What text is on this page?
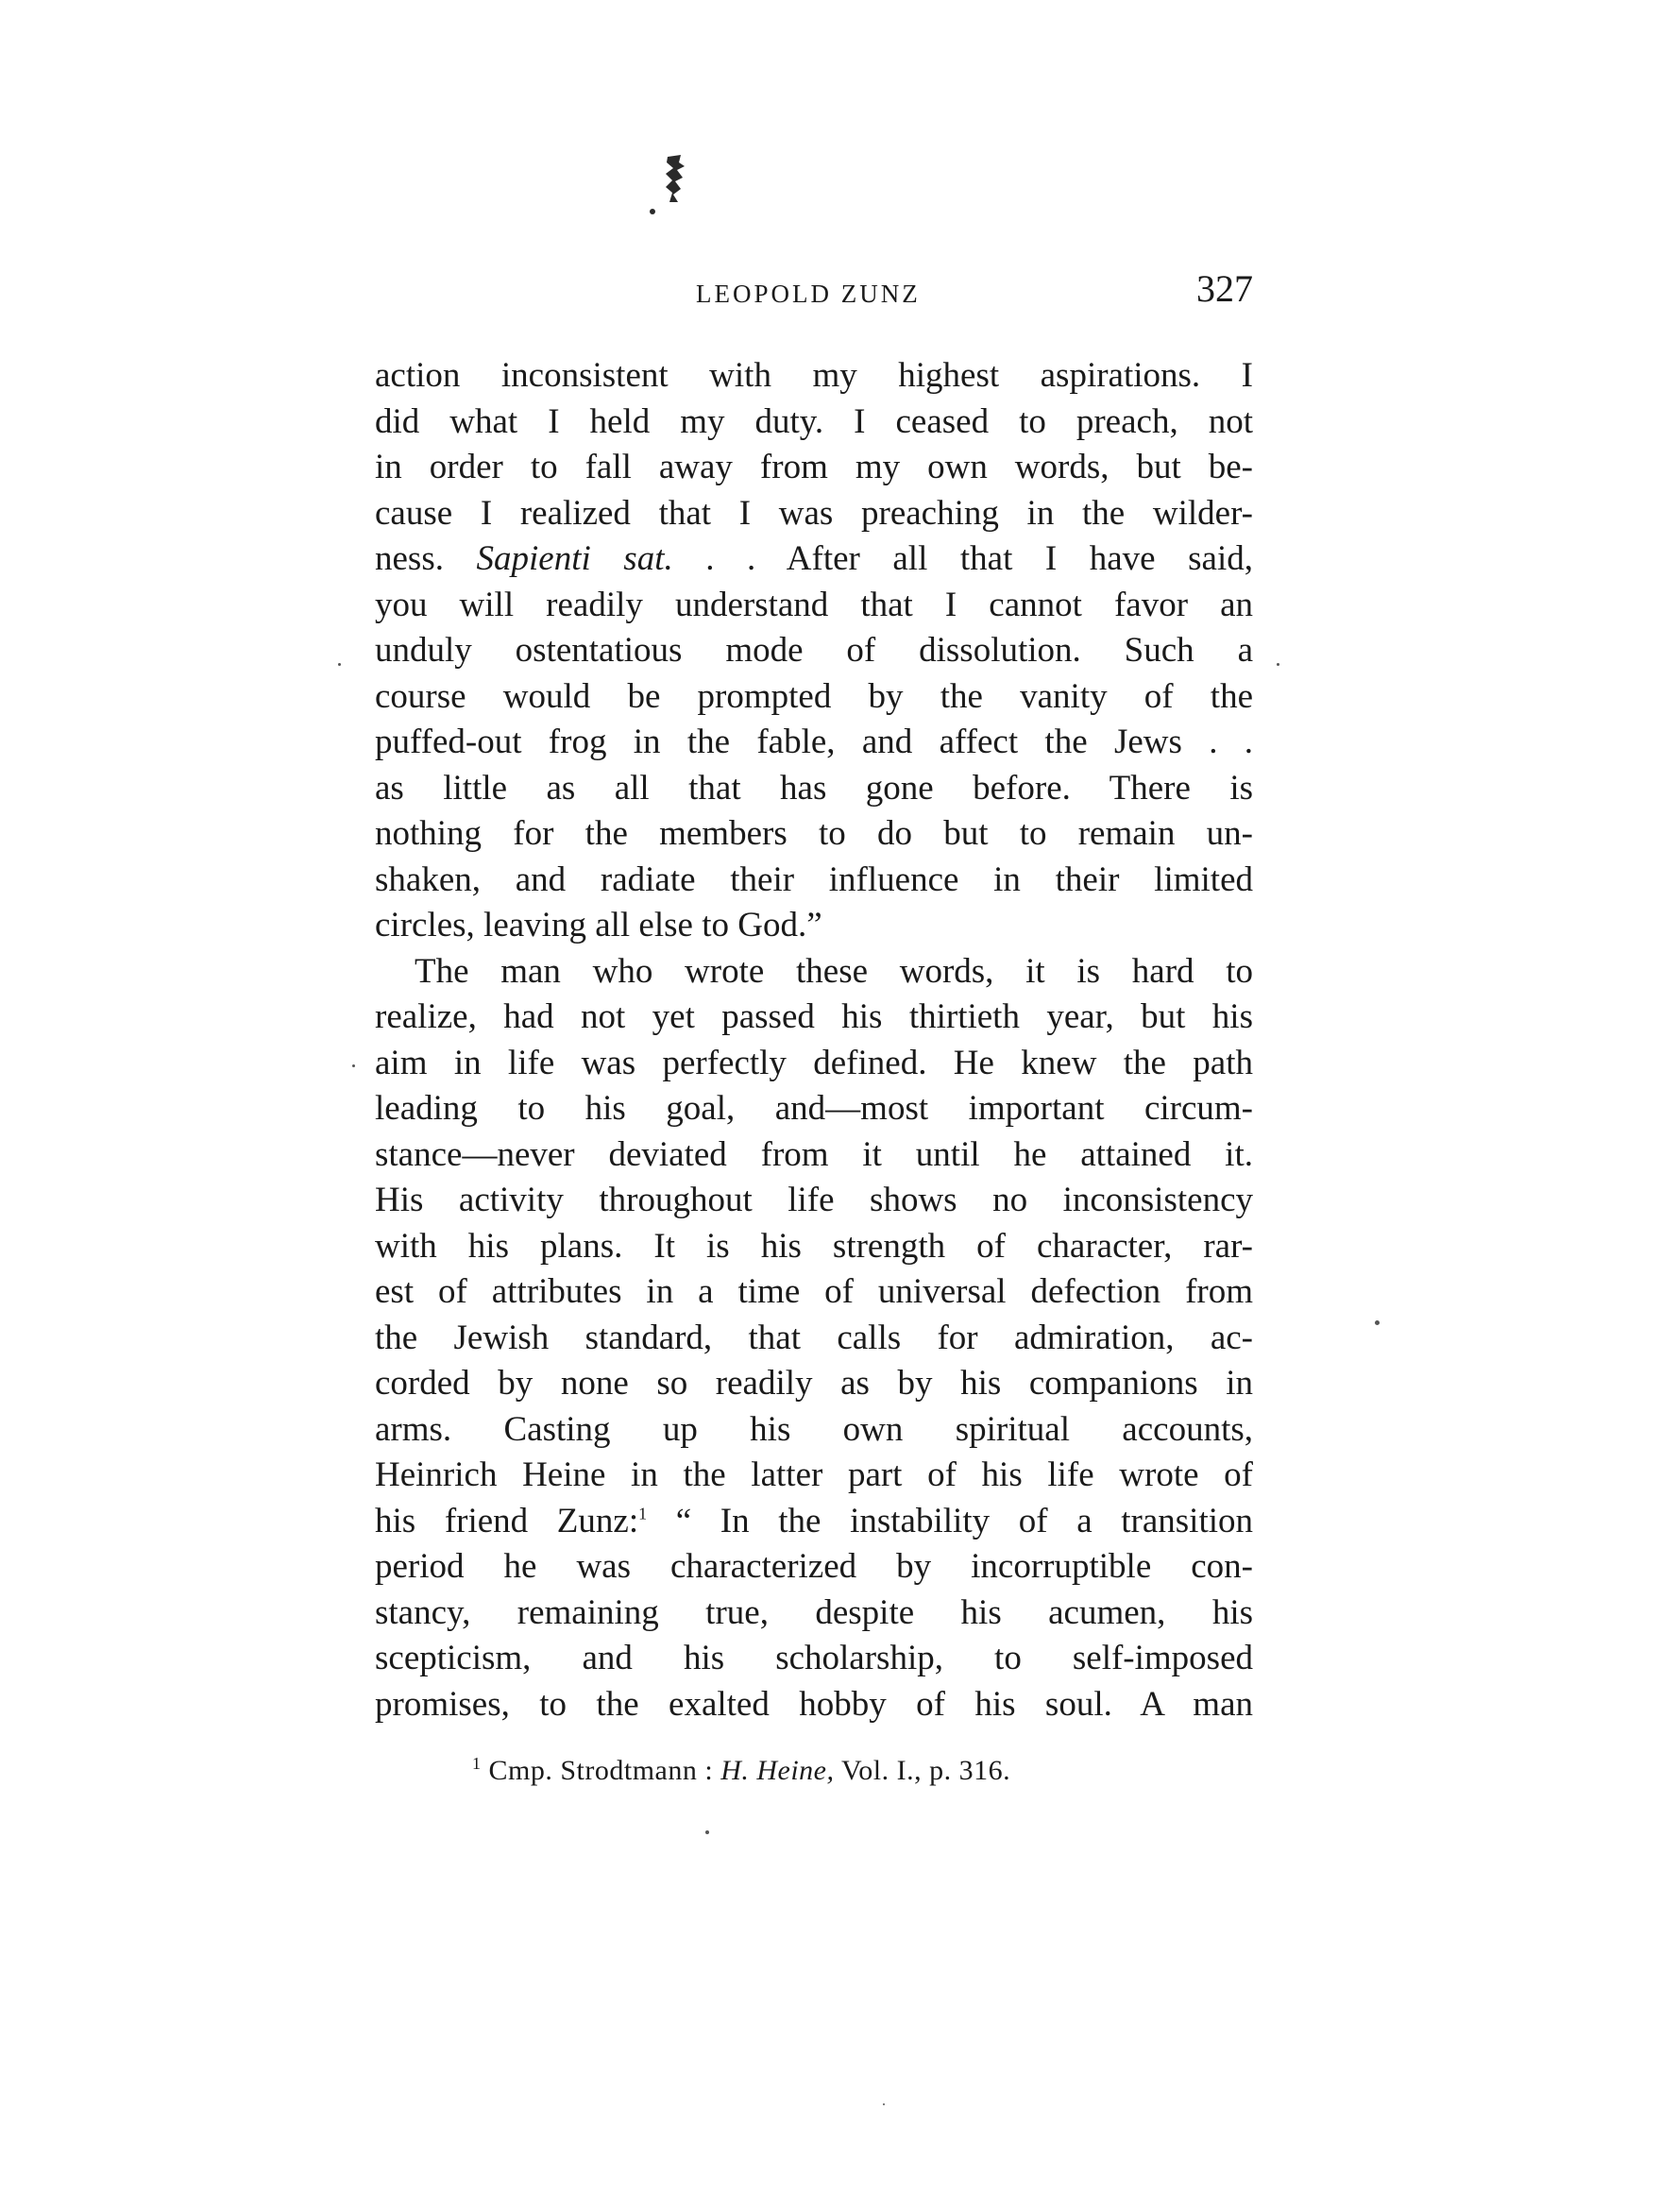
LEOPOLD ZUNZ	327
action inconsistent with my highest aspirations. I
did what I held my duty. I ceased to preach, not
in order to fall away from my own words, but be-
cause I realized that I was preaching in the wilder-
ness. Sapienti sat. . . After all that I have said,
you will readily understand that I cannot favor an
unduly ostentatious mode of dissolution. Such a
course would be prompted by the vanity of the
puffed-out frog in the fable, and affect the Jews . .
as little as all that has gone before. There is
nothing for the members to do but to remain un-
shaken, and radiate their influence in their limited
circles, leaving all else to God.”
The man who wrote these words, it is hard to
realize, had not yet passed his thirtieth year, but his
aim in life was perfectly defined. He knew the path
leading to his goal, and—most important circum-
stance—never deviated from it until he attained it.
His activity throughout life shows no inconsistency
with his plans. It is his strength of character, rar-
est of attributes in a time of universal defection from
the Jewish standard, that calls for admiration, ac-
corded by none so readily as by his companions in
arms. Casting up his own spiritual accounts,
Heinrich Heine in the latter part of his life wrote of
his friend Zunz:$^1$ “ In the instability of a transition
period he was characterized by incorruptible con-
stancy, remaining true, despite his acumen, his
scepticism, and his scholarship, to self-imposed
promises, to the exalted hobby of his soul. A man
$^1$ Cmp. Strodtmann : H. Heine, Vol. I., p. 316.
